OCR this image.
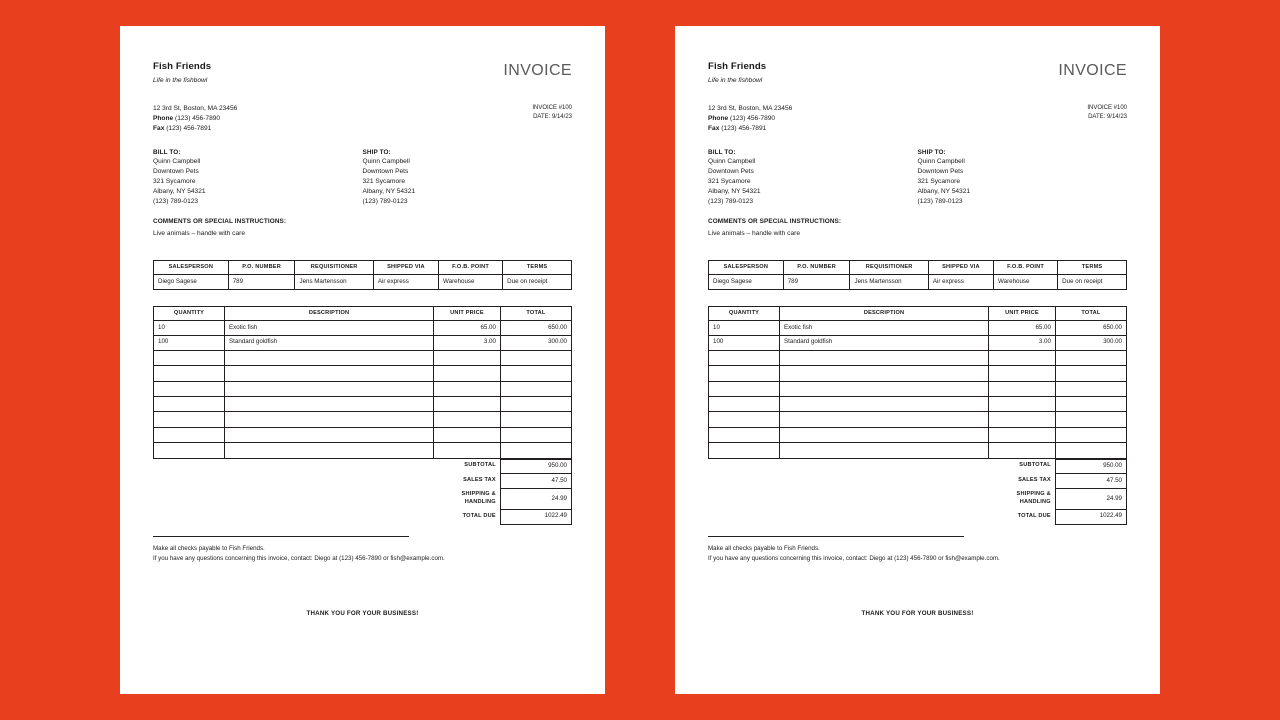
Fish Friends
Life in the fishbowl
INVOICE
12 3rd St, Boston, MA 23456
Phone (123) 456-7890
Fax (123) 456-7891
INVOICE #100
DATE: 9/14/23
BILL TO:
Quinn Campbell
Downtown Pets
321 Sycamore
Albany, NY 54321
(123) 789-0123
SHIP TO:
Quinn Campbell
Downtown Pets
321 Sycamore
Albany, NY 54321
(123) 789-0123
COMMENTS OR SPECIAL INSTRUCTIONS:
Live animals – handle with care
SALESPERSON	P.O. NUMBER	REQUISITIONER	SHIPPED VIA	F.O.B. POINT	TERMS
Diego Sagese	789	Jens Martensson	Air express	Warehouse	Due on receipt
QUANTITY	DESCRIPTION	UNIT PRICE	TOTAL
10	Exotic fish	65.00	650.00
100	Standard goldfish	3.00	300.00

		SUBTOTAL	950.00
		SALES TAX	47.50
		SHIPPING & HANDLING	24.99
		TOTAL DUE	1022.49
Make all checks payable to Fish Friends.
If you have any questions concerning this invoice, contact: Diego at (123) 456-7890 or fish@example.com.
THANK YOU FOR YOUR BUSINESS!
Fish Friends
Life in the fishbowl
INVOICE
12 3rd St, Boston, MA 23456
Phone (123) 456-7890
Fax (123) 456-7891
INVOICE #100
DATE: 9/14/23
BILL TO:
Quinn Campbell
Downtown Pets
321 Sycamore
Albany, NY 54321
(123) 789-0123
SHIP TO:
Quinn Campbell
Downtown Pets
321 Sycamore
Albany, NY 54321
(123) 789-0123
COMMENTS OR SPECIAL INSTRUCTIONS:
Live animals – handle with care
SALESPERSON	P.O. NUMBER	REQUISITIONER	SHIPPED VIA	F.O.B. POINT	TERMS
Diego Sagese	789	Jens Martensson	Air express	Warehouse	Due on receipt
QUANTITY	DESCRIPTION	UNIT PRICE	TOTAL
10	Exotic fish	65.00	650.00
100	Standard goldfish	3.00	300.00

		SUBTOTAL	950.00
		SALES TAX	47.50
		SHIPPING & HANDLING	24.99
		TOTAL DUE	1022.49
Make all checks payable to Fish Friends.
If you have any questions concerning this invoice, contact: Diego at (123) 456-7890 or fish@example.com.
THANK YOU FOR YOUR BUSINESS!
